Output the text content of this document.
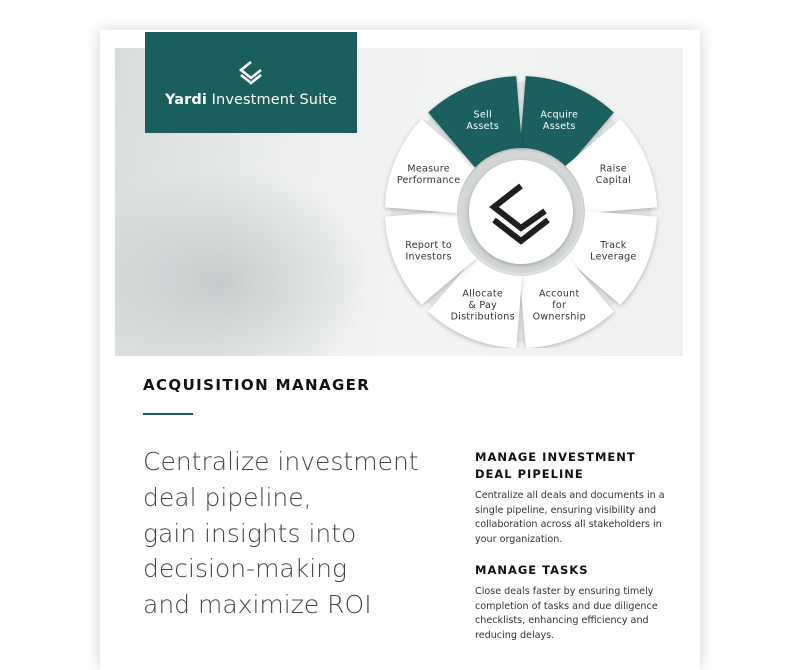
Yardi Investment Suite
Acquire Assets
Raise Capital
Track Leverage
Account for Ownership
Allocate & Pay Distributions
Report to Investors
Measure Performance
Sell Assets
ACQUISITION MANAGER
Centralize investment
deal pipeline,
gain insights into
decision-making
and maximize ROI
MANAGE INVESTMENT
DEAL PIPELINE

Centralize all deals and documents in a single pipeline, ensuring visibility and collaboration across all stakeholders in your organization.

MANAGE TASKS

Close deals faster by ensuring timely completion of tasks and due diligence checklists, enhancing efficiency and reducing delays.
